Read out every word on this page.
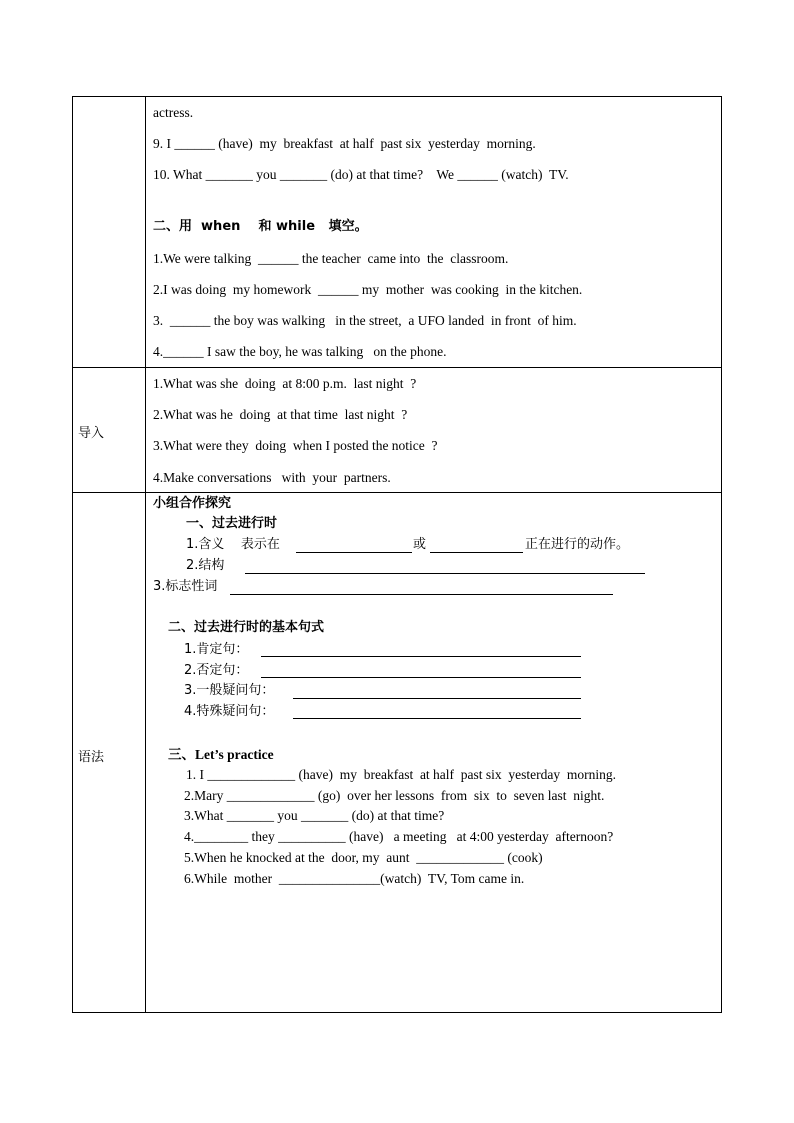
actress.
9. I ______ (have)  my  breakfast  at half  past six  yesterday  morning.
10. What _______ you _______ (do) at that time?    We ______ (watch)  TV.
二、用  when    和 while   填空。
1.We were talking  ______ the teacher  came into  the  classroom.
2.I was doing  my homework  ______ my  mother  was cooking  in the kitchen.
3.  ______ the boy was walking   in the street,  a UFO landed  in front  of him.
4.______ I saw the boy, he was talking   on the phone.
导入
1.What was she  doing  at 8:00 p.m.  last night  ?
2.What was he  doing  at that time  last night  ?
3.What were they  doing  when I posted the notice  ?
4.Make conversations   with  your  partners.
语法
小组合作探究
一、过去进行时
1.含义    表示在	或	正在进行的动作。
2.结构
3.标志性词
二、过去进行时的基本句式
1.肯定句：
2.否定句：
3.一般疑问句：
4.特殊疑问句：
三、Let’s practice
1. I _____________ (have)  my  breakfast  at half  past six  yesterday  morning.
2.Mary _____________ (go)  over her lessons  from  six  to  seven last  night.
3.What _______ you _______ (do) at that time?
4.________ they __________ (have)   a meeting   at 4:00 yesterday  afternoon?
5.When he knocked at the  door, my  aunt  _____________ (cook)
6.While  mother  _______________(watch)  TV, Tom came in.
